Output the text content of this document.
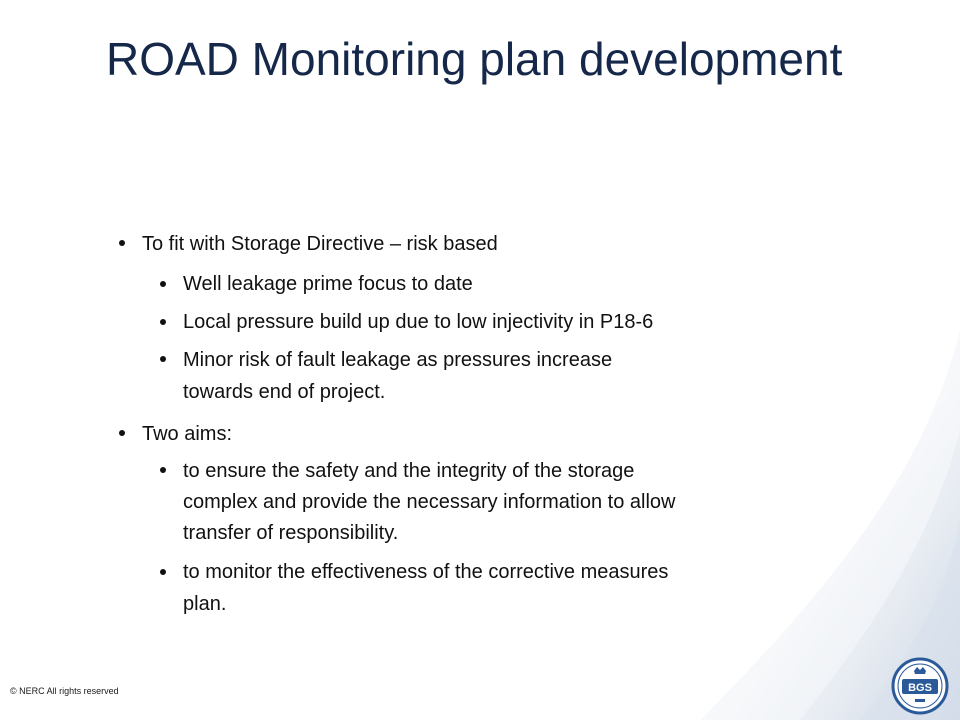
ROAD Monitoring plan development
To fit with Storage Directive – risk based
Well leakage prime focus to date
Local pressure build up due to low injectivity in P18-6
Minor risk of fault leakage as pressures increase
towards end of project.
Two aims:
to ensure the safety and the integrity of the storage
complex and provide the necessary information to allow
transfer of responsibility.
to monitor the effectiveness of the corrective measures
plan.
© NERC All rights reserved	BGS
